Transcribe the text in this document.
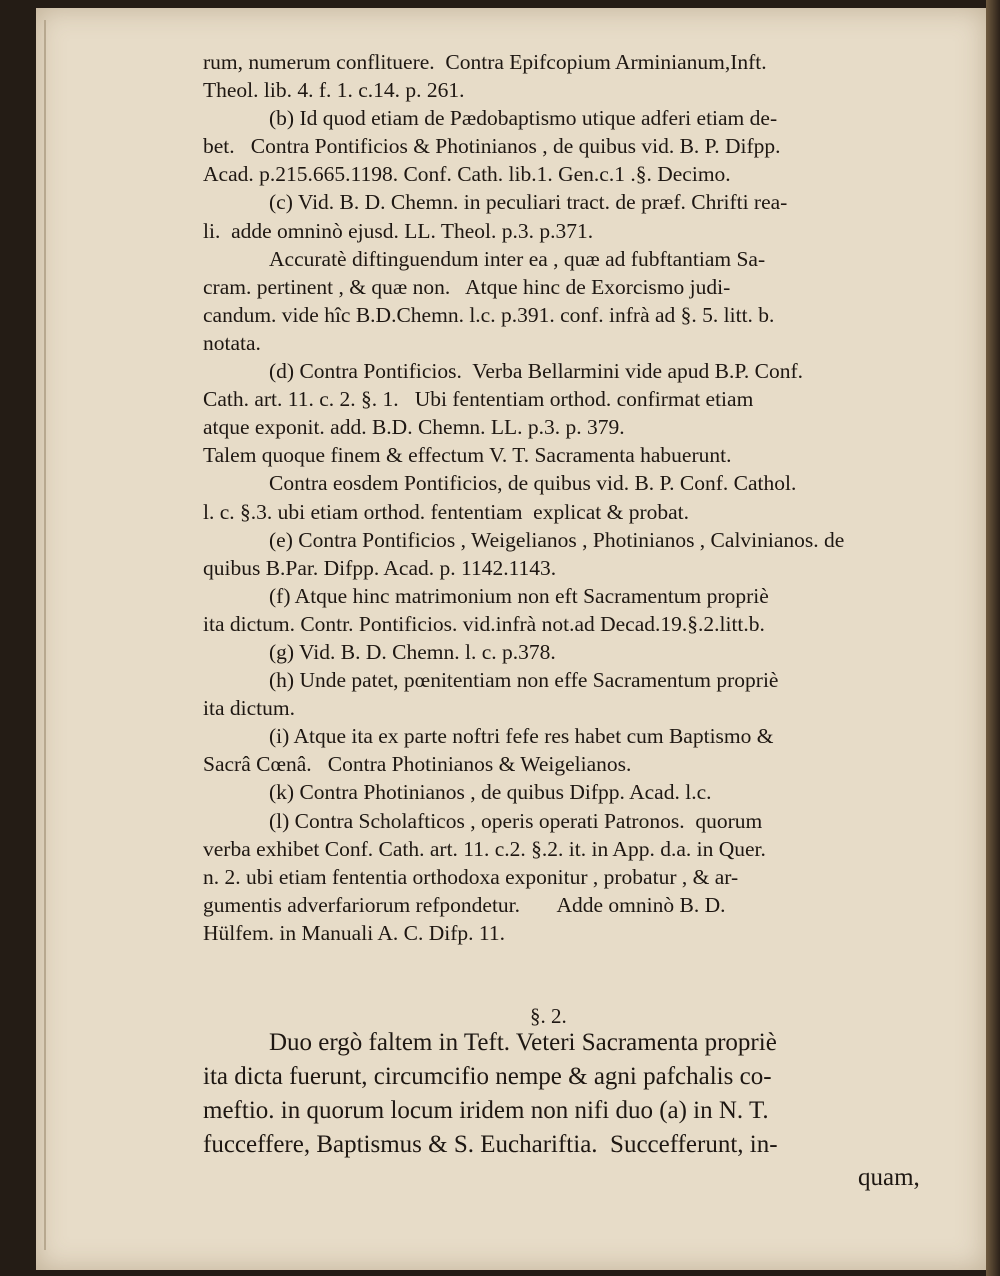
rum, numerum conflituere.  Contra Epifcopium Arminianum,Inft.
Theol. lib. 4. f. 1. c.14. p. 261.
(b) Id quod etiam de Pædobaptismo utique adferi etiam de-
bet.   Contra Pontificios & Photinianos , de quibus vid. B. P. Difpp.
Acad. p.215.665.1198. Conf. Cath. lib.1. Gen.c.1 .§. Decimo.
(c) Vid. B. D. Chemn. in peculiari tract. de præf. Chrifti rea-
li.  adde omninò ejusd. LL. Theol. p.3. p.371.
Accuratè diftinguendum inter ea , quæ ad fubftantiam Sa-
cram. pertinent , & quæ non.   Atque hinc de Exorcismo judi-
candum. vide hîc B.D.Chemn. l.c. p.391. conf. infrà ad §. 5. litt. b.
notata.
(d) Contra Pontificios.  Verba Bellarmini vide apud B.P. Conf.
Cath. art. 11. c. 2. §. 1.   Ubi fententiam orthod. confirmat etiam
atque exponit. add. B.D. Chemn. LL. p.3. p. 379.
Talem quoque finem & effectum V. T. Sacramenta habuerunt.
Contra eosdem Pontificios, de quibus vid. B. P. Conf. Cathol.
l. c. §.3. ubi etiam orthod. fententiam  explicat & probat.
(e) Contra Pontificios , Weigelianos , Photinianos , Calvinianos. de
quibus B.Par. Difpp. Acad. p. 1142.1143.
(f) Atque hinc matrimonium non eft Sacramentum propriè
ita dictum. Contr. Pontificios. vid.infrà not.ad Decad.19.§.2.litt.b.
(g) Vid. B. D. Chemn. l. c. p.378.
(h) Unde patet, pœnitentiam non effe Sacramentum propriè
ita dictum.
(i) Atque ita ex parte noftri fefe res habet cum Baptismo &
Sacrâ Cœnâ.   Contra Photinianos & Weigelianos.
(k) Contra Photinianos , de quibus Difpp. Acad. l.c.
(l) Contra Scholafticos , operis operati Patronos.  quorum
verba exhibet Conf. Cath. art. 11. c.2. §.2. it. in App. d.a. in Quer.
n. 2. ubi etiam fententia orthodoxa exponitur , probatur , & ar-
gumentis adverfariorum refpondetur.       Adde omninò B. D.
Hülfem. in Manuali A. C. Difp. 11.
§. 2.
Duo ergò faltem in Teft. Veteri Sacramenta propriè
ita dicta fuerunt, circumcifio nempe & agni pafchalis co-
meftio. in quorum locum iridem non nifi duo (a) in N. T.
fucceffere, Baptismus & S. Euchariftia.  Succefferunt, in-
quam,
